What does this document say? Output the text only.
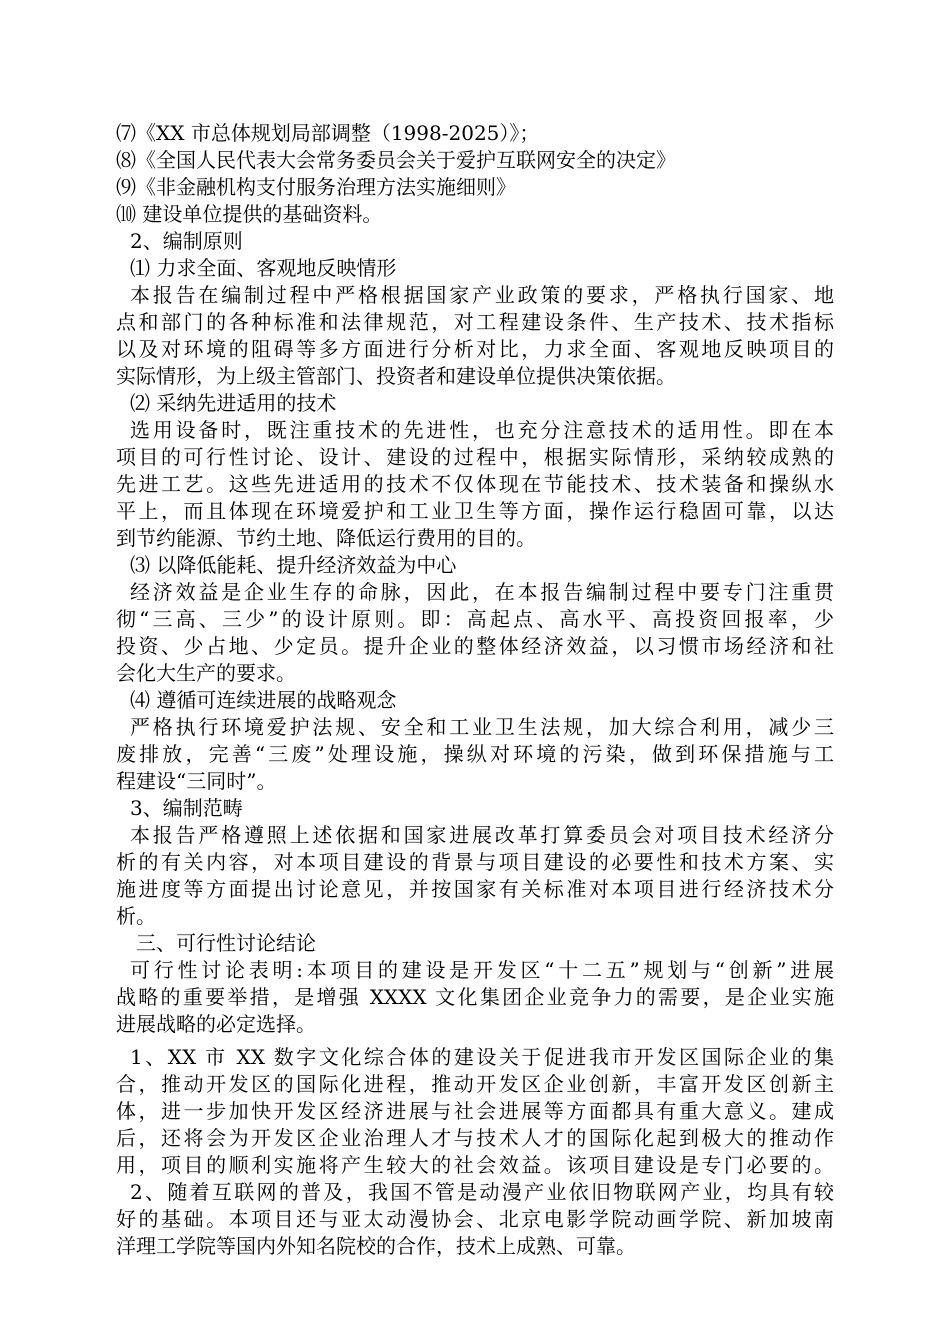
⑺《XX 市总体规划局部调整（1998-2025）》；
⑻《全国人民代表大会常务委员会关于爱护互联网安全的决定》
⑼《非金融机构支付服务治理方法实施细则》
⑽ 建设单位提供的基础资料。
2、编制原则
⑴ 力求全面、客观地反映情形
本报告在编制过程中严格根据国家产业政策的要求，严格执行国家、地
点和部门的各种标准和法律规范，对工程建设条件、生产技术、技术指标
以及对环境的阻碍等多方面进行分析对比，力求全面、客观地反映项目的
实际情形，为上级主管部门、投资者和建设单位提供决策依据。
⑵ 采纳先进适用的技术
选用设备时，既注重技术的先进性，也充分注意技术的适用性。即在本
项目的可行性讨论、设计、建设的过程中，根据实际情形，采纳较成熟的
先进工艺。这些先进适用的技术不仅体现在节能技术、技术装备和操纵水
平上，而且体现在环境爱护和工业卫生等方面，操作运行稳固可靠，以达
到节约能源、节约土地、降低运行费用的目的。
⑶ 以降低能耗、提升经济效益为中心
经济效益是企业生存的命脉，因此，在本报告编制过程中要专门注重贯
彻“三高、三少”的设计原则。即：高起点、高水平、高投资回报率，少
投资、少占地、少定员。提升企业的整体经济效益，以习惯市场经济和社
会化大生产的要求。
⑷ 遵循可连续进展的战略观念
严格执行环境爱护法规、安全和工业卫生法规，加大综合利用，减少三
废排放，完善“三废”处理设施，操纵对环境的污染，做到环保措施与工
程建设“三同时”。
3、编制范畴
本报告严格遵照上述依据和国家进展改革打算委员会对项目技术经济分
析的有关内容，对本项目建设的背景与项目建设的必要性和技术方案、实
施进度等方面提出讨论意见，并按国家有关标准对本项目进行经济技术分
析。
三、可行性讨论结论
可行性讨论表明:本项目的建设是开发区“十二五”规划与“创新”进展
战略的重要举措，是增强 XXXX 文化集团企业竞争力的需要，是企业实施
进展战略的必定选择。
1、XX 市 XX 数字文化综合体的建设关于促进我市开发区国际企业的集
合，推动开发区的国际化进程，推动开发区企业创新，丰富开发区创新主
体，进一步加快开发区经济进展与社会进展等方面都具有重大意义。建成
后，还将会为开发区企业治理人才与技术人才的国际化起到极大的推动作
用，项目的顺利实施将产生较大的社会效益。该项目建设是专门必要的。
2、随着互联网的普及，我国不管是动漫产业依旧物联网产业，均具有较
好的基础。本项目还与亚太动漫协会、北京电影学院动画学院、新加坡南
洋理工学院等国内外知名院校的合作，技术上成熟、可靠。
